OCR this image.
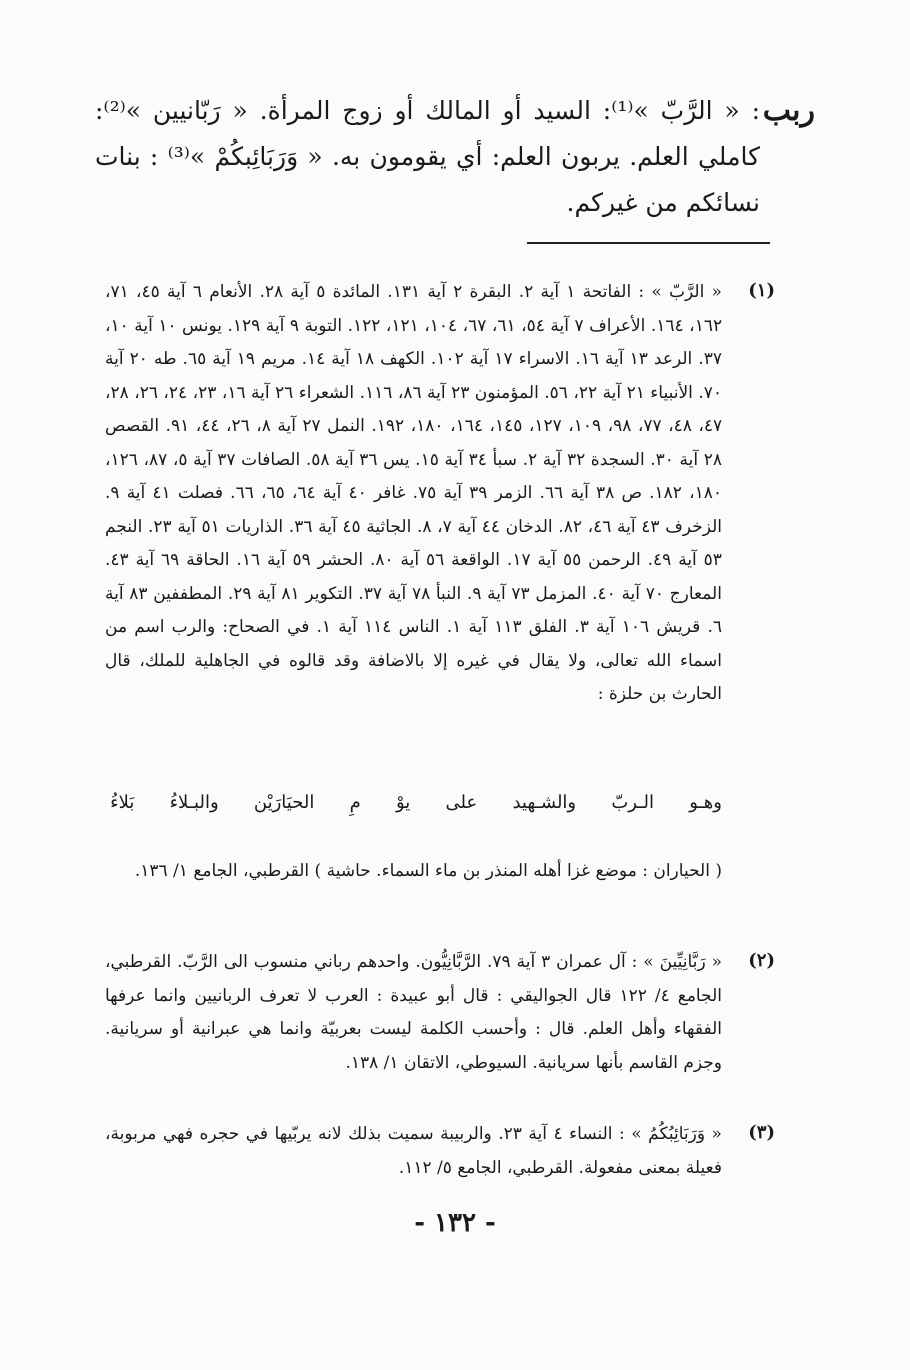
ربب

: « الرَّبّ »⁽¹⁾: السيد أو المالك أو زوج المرأة. « رَبّانيين »⁽²⁾: كاملي العلم. يربون العلم: أي يقومون به. « وَرَبَائِبكُمْ »⁽³⁾ : بنات نسائكم من غيركم.

(١)

« الرَّبّ » : الفاتحة ١ آية ٢. البقرة ٢ آية ١٣١. المائدة ٥ آية ٢٨. الأنعام ٦ آية ٤٥، ٧١، ١٦٢، ١٦٤. الأعراف ٧ آية ٥٤، ٦١، ٦٧، ١٠٤، ١٢١، ١٢٢. التوبة ٩ آية ١٢٩. يونس ١٠ آية ١٠، ٣٧. الرعد ١٣ آية ١٦. الاسراء ١٧ آية ١٠٢. الكهف ١٨ آية ١٤. مريم ١٩ آية ٦٥. طه ٢٠ آية ٧٠. الأنبياء ٢١ آية ٢٢، ٥٦. المؤمنون ٢٣ آية ٨٦، ١١٦. الشعراء ٢٦ آية ١٦، ٢٣، ٢٤، ٢٦، ٢٨، ٤٧، ٤٨، ٧٧، ٩٨، ١٠٩، ١٢٧، ١٤٥، ١٦٤، ١٨٠، ١٩٢. النمل ٢٧ آية ٨، ٢٦، ٤٤، ٩١. القصص ٢٨ آية ٣٠. السجدة ٣٢ آية ٢. سبأ ٣٤ آية ١٥. يس ٣٦ آية ٥٨. الصافات ٣٧ آية ٥، ٨٧، ١٢٦، ١٨٠، ١٨٢. ص ٣٨ آية ٦٦. الزمر ٣٩ آية ٧٥. غافر ٤٠ آية ٦٤، ٦٥، ٦٦. فصلت ٤١ آية ٩. الزخرف ٤٣ آية ٤٦، ٨٢. الدخان ٤٤ آية ٧، ٨. الجاثية ٤٥ آية ٣٦. الذاريات ٥١ آية ٢٣. النجم ٥٣ آية ٤٩. الرحمن ٥٥ آية ١٧. الواقعة ٥٦ آية ٨٠. الحشر ٥٩ آية ١٦. الحاقة ٦٩ آية ٤٣. المعارج ٧٠ آية ٤٠. المزمل ٧٣ آية ٩. النبأ ٧٨ آية ٣٧. التكوير ٨١ آية ٢٩. المطففين ٨٣ آية ٦. قريش ١٠٦ آية ٣. الفلق ١١٣ آية ١. الناس ١١٤ آية ١. في الصحاح: والرب اسم من اسماء الله تعالى، ولا يقال في غيره إلا بالاضافة وقد قالوه في الجاهلية للملك، قال الحارث بن حلزة :

وهـو
الـربّ
والشـهيد
على
يوْ
مِ
الحيَارَيْن
والبـلاءُ
بَلاءُ

( الحياران : موضع غزا أهله المنذر بن ماء السماء. حاشية ) القرطبي، الجامع ١/ ١٣٦.

(٢)

« رَبَّانِيِّينَ » : آل عمران ٣ آية ٧٩. الرَّبَّانِيُّون. واحدهم رباني منسوب الى الرَّبّ. القرطبي، الجامع ٤/ ١٢٢ قال الجواليقي : قال أبو عبيدة : العرب لا تعرف الربانيين وانما عرفها الفقهاء وأهل العلم. قال : وأحسب الكلمة ليست بعربيّة وانما هي عبرانية أو سريانية. وجزم القاسم بأنها سريانية. السيوطي، الاتقان ١/ ١٣٨.

(٣)

« وَرَبَائِبُكُمُ » : النساء ٤ آية ٢٣. والربيبة سميت بذلك لانه يربّيها في حجره فهي مربوبة، فعيلة بمعنى مفعولة. القرطبي، الجامع ٥/ ١١٢.

- ١٣٢ -
